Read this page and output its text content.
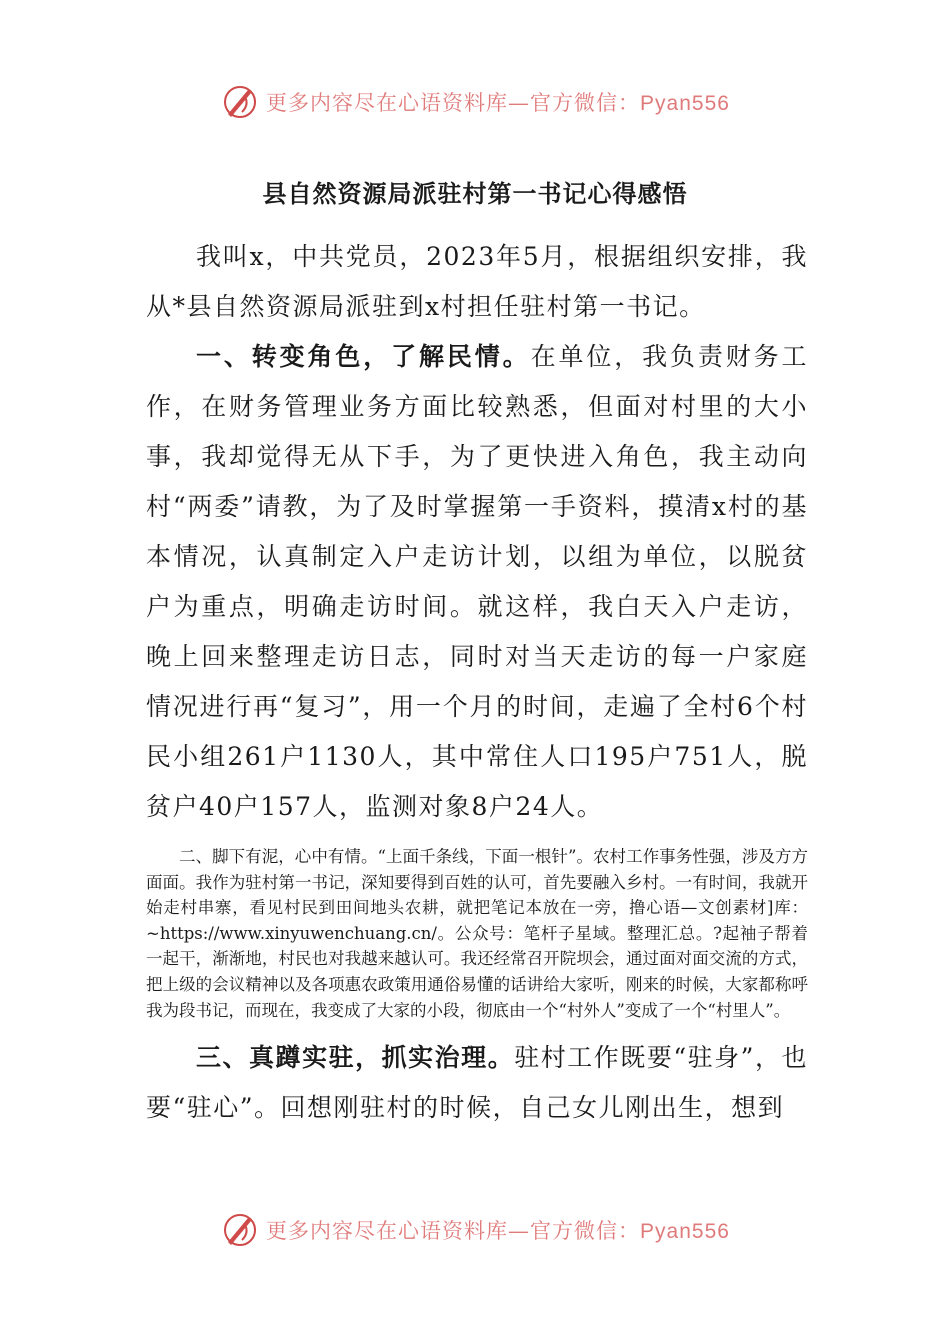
更多内容尽在心语资料库—官方微信：Pyan556
县自然资源局派驻村第一书记心得感悟

我叫x，中共党员，2023年5月，根据组织安排，我从*县自然资源局派驻到x村担任驻村第一书记。

一、转变角色，了解民情。在单位，我负责财务工作，在财务管理业务方面比较熟悉，但面对村里的大小事，我却觉得无从下手，为了更快进入角色，我主动向村“两委”请教，为了及时掌握第一手资料，摸清x村的基本情况，认真制定入户走访计划，以组为单位，以脱贫户为重点，明确走访时间。就这样，我白天入户走访，晚上回来整理走访日志，同时对当天走访的每一户家庭情况进行再“复习”，用一个月的时间，走遍了全村6个村民小组261户1130人，其中常住人口195户751人，脱贫户40户157人，监测对象8户24人。

二、脚下有泥，心中有情。“上面千条线，下面一根针”。农村工作事务性强，涉及方方面面。我作为驻村第一书记，深知要得到百姓的认可，首先要融入乡村。一有时间，我就开始走村串寨，看见村民到田间地头农耕，就把笔记本放在一旁，撸心语—文创素材]库：~https://www.xinyuwenchuang.cn/。公众号：笔杆子星域。整理汇总。?起袖子帮着一起干，渐渐地，村民也对我越来越认可。我还经常召开院坝会，通过面对面交流的方式，把上级的会议精神以及各项惠农政策用通俗易懂的话讲给大家听，刚来的时候，大家都称呼我为段书记，而现在，我变成了大家的小段，彻底由一个“村外人”变成了一个“村里人”。

三、真蹲实驻，抓实治理。驻村工作既要“驻身”，也要“驻心”。回想刚驻村的时候，自己女儿刚出生，想到

更多内容尽在心语资料库—官方微信：Pyan556
